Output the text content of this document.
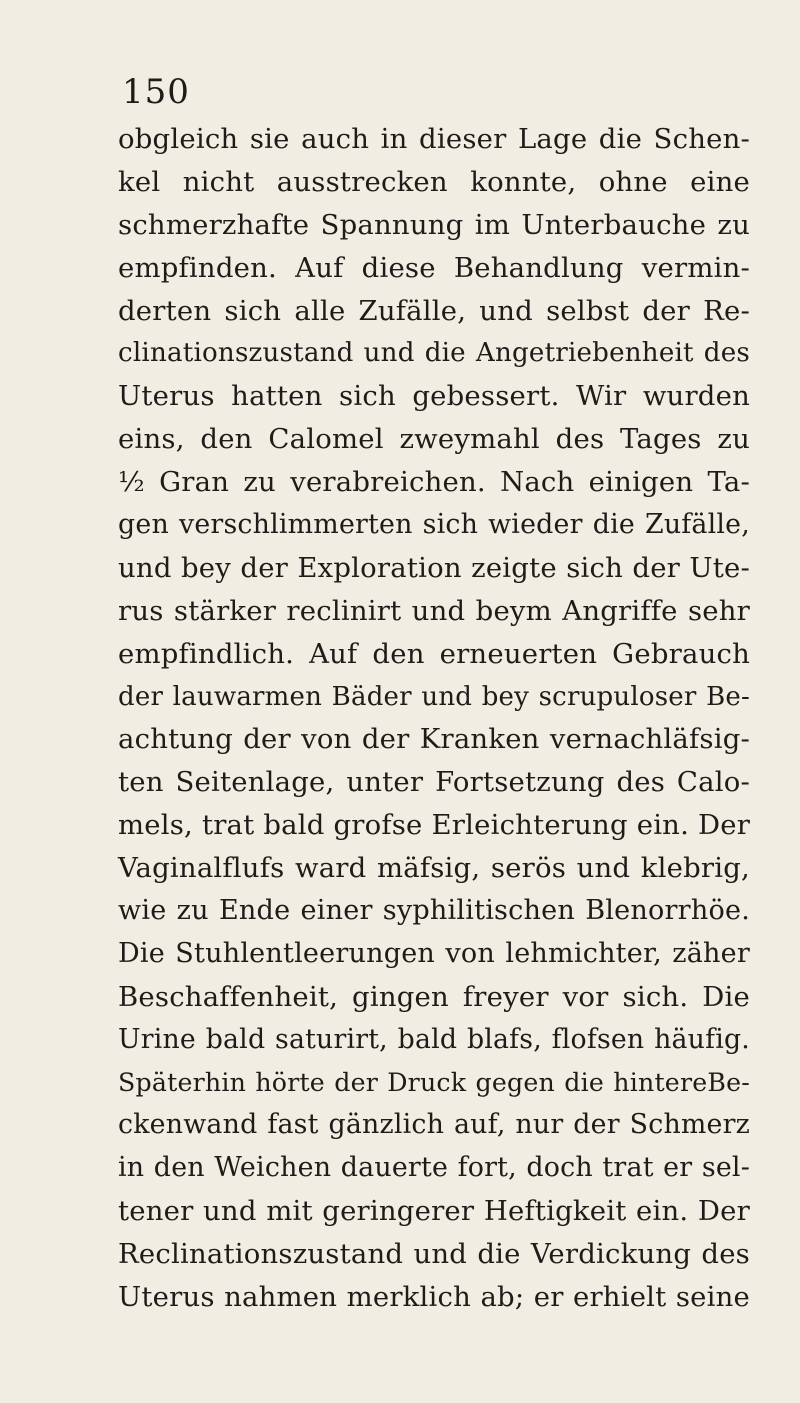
150
obgleich sie auch in dieser Lage die Schen-
kel nicht ausstrecken konnte, ohne eine
schmerzhafte Spannung im Unterbauche zu
empfinden. Auf diese Behandlung vermin-
derten sich alle Zufälle, und selbst der Re-
clinationszustand und die Angetriebenheit des
Uterus hatten sich gebessert. Wir wurden
eins, den Calomel zweymahl des Tages zu
½ Gran zu verabreichen. Nach einigen Ta-
gen verschlimmerten sich wieder die Zufälle,
und bey der Exploration zeigte sich der Ute-
rus stärker reclinirt und beym Angriffe sehr
empfindlich. Auf den erneuerten Gebrauch
der lauwarmen Bäder und bey scrupuloser Be-
achtung der von der Kranken vernachläfsig-
ten Seitenlage, unter Fortsetzung des Calo-
mels, trat bald grofse Erleichterung ein. Der
Vaginalflufs ward mäfsig, serös und klebrig,
wie zu Ende einer syphilitischen Blenorrhöe.
Die Stuhlentleerungen von lehmichter, zäher
Beschaffenheit, gingen freyer vor sich. Die
Urine bald saturirt, bald blafs, flofsen häufig.
Späterhin hörte der Druck gegen die hintereBe-
ckenwand fast gänzlich auf, nur der Schmerz
in den Weichen dauerte fort, doch trat er sel-
tener und mit geringerer Heftigkeit ein. Der
Reclinationszustand und die Verdickung des
Uterus nahmen merklich ab; er erhielt seine
